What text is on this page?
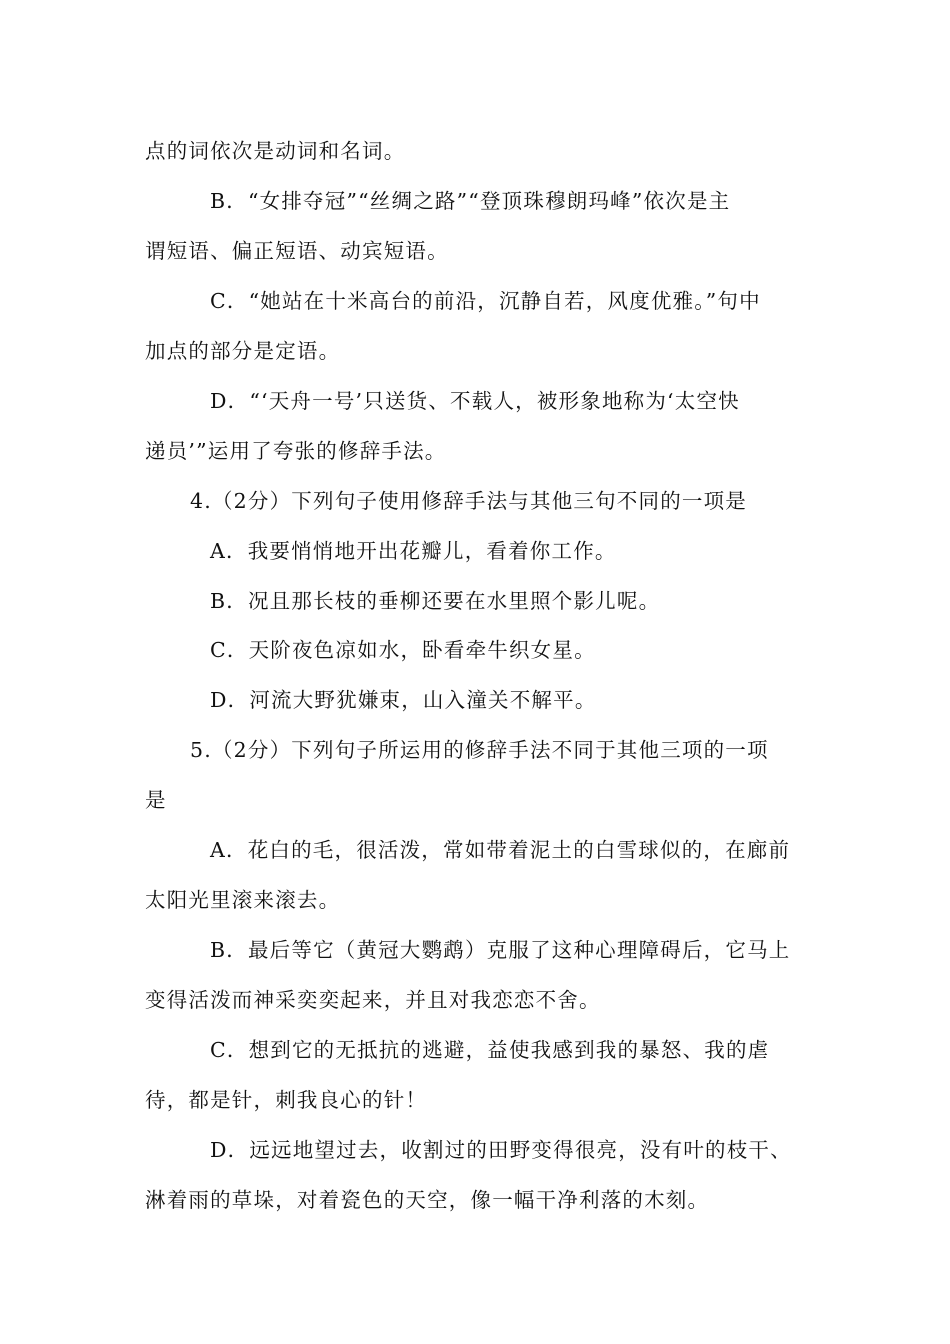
点的词依次是动词和名词。
B．“女排夺冠”“丝绸之路”“登顶珠穆朗玛峰”依次是主
谓短语、偏正短语、动宾短语。
C．“她站在十米高台的前沿，沉静自若，风度优雅。”句中
加点的部分是定语。
D．“‘天舟一号’只送货、不载人，被形象地称为‘太空快
递员’”运用了夸张的修辞手法。
4.（2分）下列句子使用修辞手法与其他三句不同的一项是
A．我要悄悄地开出花瓣儿，看着你工作。
B．况且那长枝的垂柳还要在水里照个影儿呢。
C．天阶夜色凉如水，卧看牵牛织女星。
D．河流大野犹嫌束，山入潼关不解平。
5.（2分）下列句子所运用的修辞手法不同于其他三项的一项
是
A．花白的毛，很活泼，常如带着泥土的白雪球似的，在廊前
太阳光里滚来滚去。
B．最后等它（黄冠大鹦鹉）克服了这种心理障碍后，它马上
变得活泼而神采奕奕起来，并且对我恋恋不舍。
C．想到它的无抵抗的逃避，益使我感到我的暴怒、我的虐
待，都是针，刺我良心的针！
D．远远地望过去，收割过的田野变得很亮，没有叶的枝干、
淋着雨的草垛，对着瓷色的天空，像一幅干净利落的木刻。
